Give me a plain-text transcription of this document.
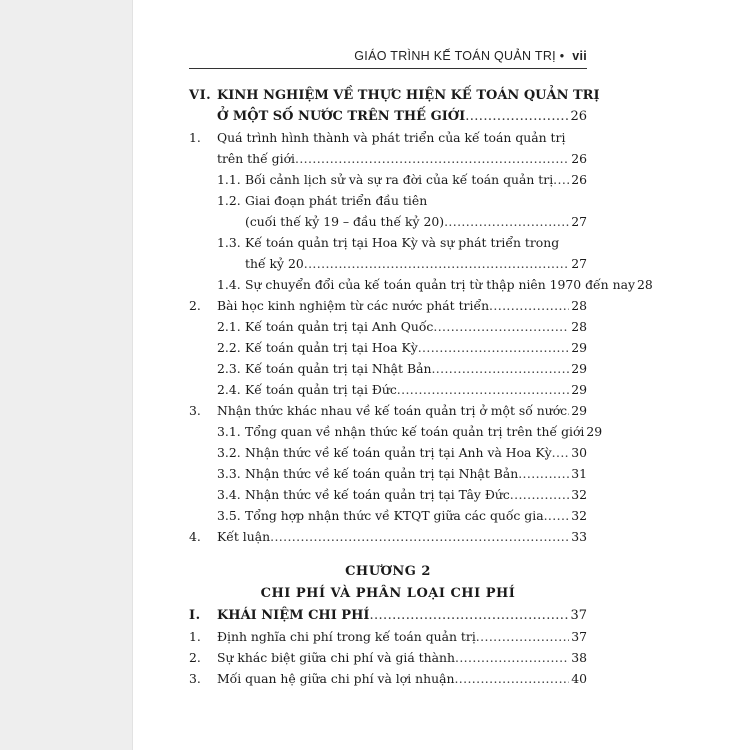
GIÁO TRÌNH KẾ TOÁN QUẢN TRỊ • vii
VI. KINH NGHIỆM VỀ THỰC HIỆN KẾ TOÁN QUẢN TRỊ
Ở MỘT SỐ NƯỚC TRÊN THẾ GIỚI .....	26
1. Quá trình hình thành và phát triển của kế toán quản trị
trên thế giới .....	26
1.1. Bối cảnh lịch sử và sự ra đời của kế toán quản trị ..... 26
1.2. Giai đoạn phát triển đầu tiên
(cuối thế kỷ 19 – đầu thế kỷ 20) .....	27
1.3. Kế toán quản trị tại Hoa Kỳ và sự phát triển trong
thế kỷ 20 .....	27
1.4. Sự chuyển đổi của kế toán quản trị từ thập niên 1970 đến nay 28
2. Bài học kinh nghiệm từ các nước phát triển .....	28
2.1. Kế toán quản trị tại Anh Quốc .....	28
2.2. Kế toán quản trị tại Hoa Kỳ .....	29
2.3. Kế toán quản trị tại Nhật Bản .....	29
2.4. Kế toán quản trị tại Đức .....	29
3. Nhận thức khác nhau về kế toán quản trị ở một số nước ..... 29
3.1. Tổng quan về nhận thức kế toán quản trị trên thế giới 29
3.2. Nhận thức về kế toán quản trị tại Anh và Hoa Kỳ ..... 30
3.3. Nhận thức về kế toán quản trị tại Nhật Bản .....	31
3.4. Nhận thức về kế toán quản trị tại Tây Đức .....	32
3.5. Tổng hợp nhận thức về KTQT giữa các quốc gia ..... 32
4. Kết luận .....	33
CHƯƠNG 2
CHI PHÍ VÀ PHÂN LOẠI CHI PHÍ
I. KHÁI NIỆM CHI PHÍ .....	37
1. Định nghĩa chi phí trong kế toán quản trị .....	37
2. Sự khác biệt giữa chi phí và giá thành .....	38
3. Mối quan hệ giữa chi phí và lợi nhuận .....	40
